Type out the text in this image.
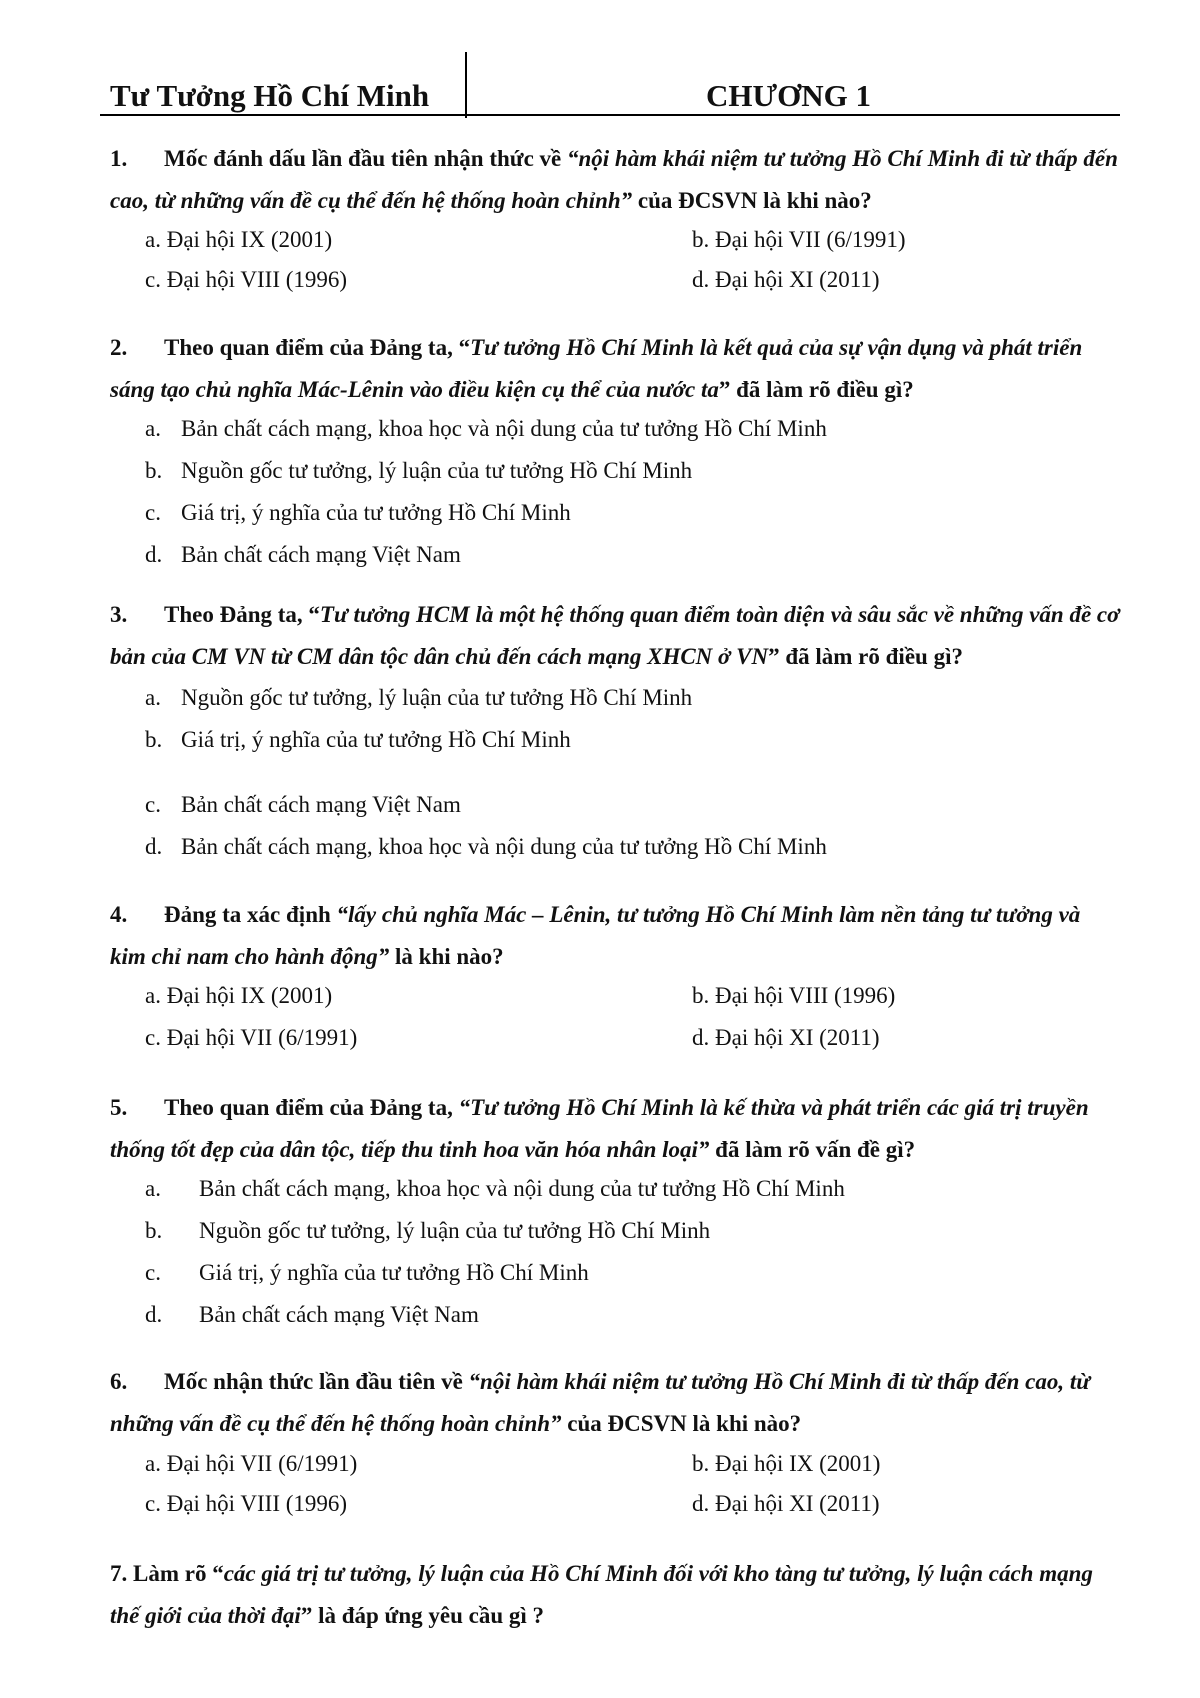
Tư Tưởng Hồ Chí Minh	CHƯƠNG 1
1. Mốc đánh dấu lần đầu tiên nhận thức về “nội hàm khái niệm tư tưởng Hồ Chí Minh đi từ thấp đến cao, từ những vấn đề cụ thể đến hệ thống hoàn chỉnh” của ĐCSVN là khi nào?
a. Đại hội IX (2001)	b. Đại hội VII (6/1991)
c. Đại hội VIII (1996)	d. Đại hội XI (2011)
2. Theo quan điểm của Đảng ta, “Tư tưởng Hồ Chí Minh là kết quả của sự vận dụng và phát triển sáng tạo chủ nghĩa Mác-Lênin vào điều kiện cụ thể của nước ta” đã làm rõ điều gì?
a. Bản chất cách mạng, khoa học và nội dung của tư tưởng Hồ Chí Minh
b. Nguồn gốc tư tưởng, lý luận của tư tưởng Hồ Chí Minh
c. Giá trị, ý nghĩa của tư tưởng Hồ Chí Minh
d. Bản chất cách mạng Việt Nam
3. Theo Đảng ta, “Tư tưởng HCM là một hệ thống quan điểm toàn diện và sâu sắc về những vấn đề cơ bản của CM VN từ CM dân tộc dân chủ đến cách mạng XHCN ở VN” đã làm rõ điều gì?
a. Nguồn gốc tư tưởng, lý luận của tư tưởng Hồ Chí Minh
b. Giá trị, ý nghĩa của tư tưởng Hồ Chí Minh
c. Bản chất cách mạng Việt Nam
d. Bản chất cách mạng, khoa học và nội dung của tư tưởng Hồ Chí Minh
4. Đảng ta xác định “lấy chủ nghĩa Mác – Lênin, tư tưởng Hồ Chí Minh làm nền tảng tư tưởng và kim chỉ nam cho hành động” là khi nào?
a. Đại hội IX (2001)	b. Đại hội VIII (1996)
c. Đại hội VII (6/1991)	d. Đại hội XI (2011)
5. Theo quan điểm của Đảng ta, “Tư tưởng Hồ Chí Minh là kế thừa và phát triển các giá trị truyền thống tốt đẹp của dân tộc, tiếp thu tinh hoa văn hóa nhân loại” đã làm rõ vấn đề gì?
a. Bản chất cách mạng, khoa học và nội dung của tư tưởng Hồ Chí Minh
b. Nguồn gốc tư tưởng, lý luận của tư tưởng Hồ Chí Minh
c. Giá trị, ý nghĩa của tư tưởng Hồ Chí Minh
d. Bản chất cách mạng Việt Nam
6. Mốc nhận thức lần đầu tiên về “nội hàm khái niệm tư tưởng Hồ Chí Minh đi từ thấp đến cao, từ những vấn đề cụ thể đến hệ thống hoàn chỉnh” của ĐCSVN là khi nào?
a. Đại hội VII (6/1991)	b. Đại hội IX (2001)
c. Đại hội VIII (1996)	d. Đại hội XI (2011)
7. Làm rõ “các giá trị tư tưởng, lý luận của Hồ Chí Minh đối với kho tàng tư tưởng, lý luận cách mạng thế giới của thời đại” là đáp ứng yêu cầu gì ?
